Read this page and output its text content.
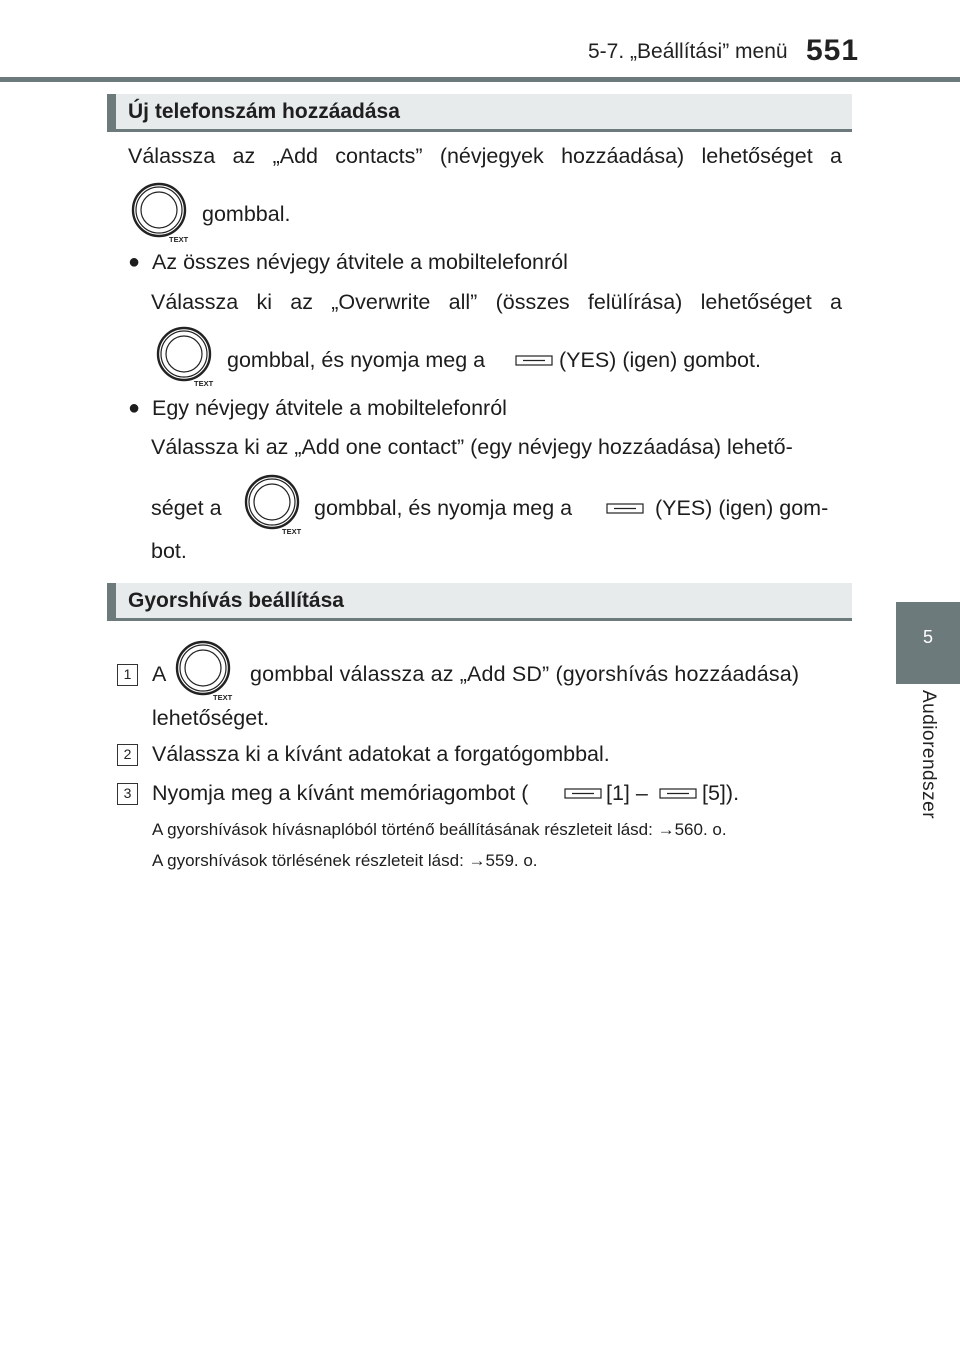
5-7. „Beállítási” menü 551
5
Audiorendszer
Új telefonszám hozzáadása
Válassza az „Add contacts” (névjegyek hozzáadása) lehetőséget a
TEXT
gombbal.
● Az összes névjegy átvitele a mobiltelefonról
Válassza ki az „Overwrite all” (összes felülírása) lehetőséget a
TEXT
gombbal, és nyomja meg a	(YES) (igen) gombot.
● Egy névjegy átvitele a mobiltelefonról
Válassza ki az „Add one contact” (egy névjegy hozzáadása) lehető-
séget a
TEXT
gombbal, és nyomja meg a	(YES) (igen) gom-
bot.
Gyorshívás beállítása
1 A
TEXT
gombbal válassza az „Add SD” (gyorshívás hozzáadása)
lehetőséget.
2 Válassza ki a kívánt adatokat a forgatógombbal.
3 Nyomja meg a kívánt memóriagombot (	[1] –	[5]).
A gyorshívások hívásnaplóból történő beállításának részleteit lásd: →560. o.
A gyorshívások törlésének részleteit lásd: →559. o.
